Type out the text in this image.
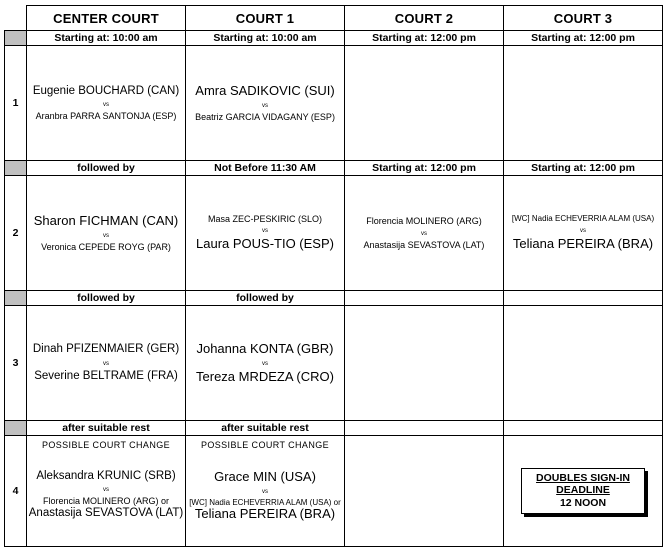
	CENTER COURT	COURT 1	COURT 2	COURT 3
	Starting at: 10:00 am	Starting at: 10:00 am	Starting at: 12:00 pm	Starting at: 12:00 pm
1	Eugenie BOUCHARD (CAN)
vs
Aranbra PARRA SANTONJA (ESP)	Amra SADIKOVIC (SUI)
vs
Beatriz GARCIA VIDAGANY (ESP)		

	followed by	Not Before 11:30 AM	Starting at: 12:00 pm	Starting at: 12:00 pm
2	Sharon FICHMAN (CAN)
vs
Veronica CEPEDE ROYG (PAR)	Masa ZEC-PESKIRIC (SLO)
vs
Laura POUS-TIO (ESP)	Florencia MOLINERO (ARG)
vs
Anastasija SEVASTOVA (LAT)	[WC] Nadia ECHEVERRIA ALAM (USA)
vs
Teliana PEREIRA (BRA)

	followed by	followed by		
3	Dinah PFIZENMAIER (GER)
vs
Severine BELTRAME (FRA)	Johanna KONTA (GBR)
vs
Tereza MRDEZA (CRO)		

	after suitable rest	after suitable rest		
4	POSSIBLE COURT CHANGE
Aleksandra KRUNIC (SRB)
vs
Florencia MOLINERO (ARG) or
Anastasija SEVASTOVA (LAT)	POSSIBLE COURT CHANGE
Grace MIN (USA)
vs
[WC] Nadia ECHEVERRIA ALAM (USA) or
Teliana PEREIRA (BRA)		DOUBLES SIGN-IN
DEADLINE
12 NOON
